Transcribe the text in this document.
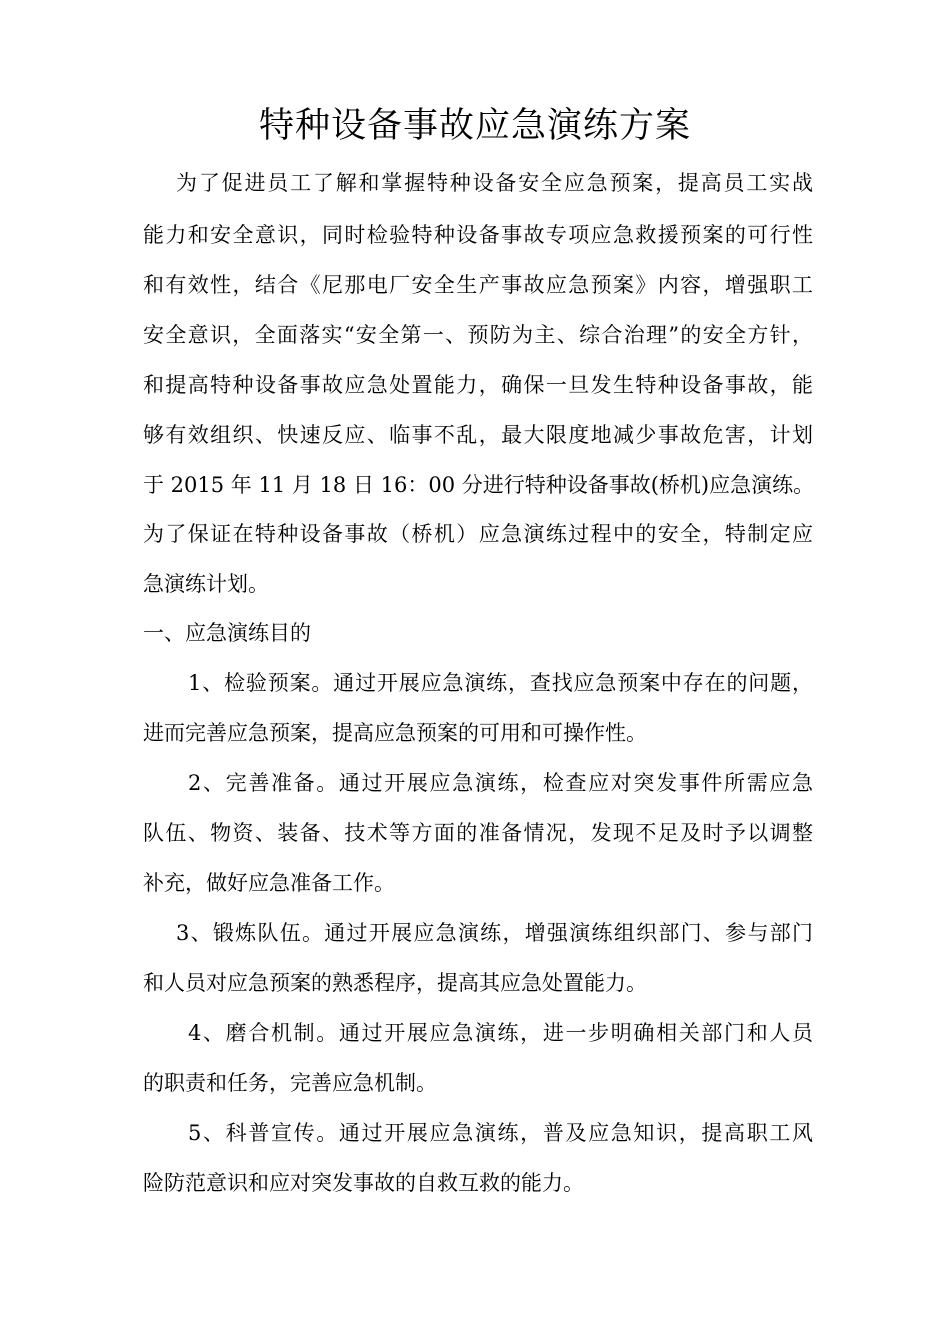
特种设备事故应急演练方案
为了促进员工了解和掌握特种设备安全应急预案，提高员工实战
能力和安全意识，同时检验特种设备事故专项应急救援预案的可行性
和有效性，结合《尼那电厂安全生产事故应急预案》内容，增强职工
安全意识，全面落实“安全第一、预防为主、综合治理”的安全方针，
和提高特种设备事故应急处置能力，确保一旦发生特种设备事故，能
够有效组织、快速反应、临事不乱，最大限度地减少事故危害，计划
于 2015 年 11 月 18 日 16：00 分进行特种设备事故(桥机)应急演练。
为了保证在特种设备事故（桥机）应急演练过程中的安全，特制定应
急演练计划。
一、应急演练目的
1、检验预案。通过开展应急演练，查找应急预案中存在的问题，
进而完善应急预案，提高应急预案的可用和可操作性。
2、完善准备。通过开展应急演练，检查应对突发事件所需应急
队伍、物资、装备、技术等方面的准备情况，发现不足及时予以调整
补充，做好应急准备工作。
3、锻炼队伍。通过开展应急演练，增强演练组织部门、参与部门
和人员对应急预案的熟悉程序，提高其应急处置能力。
4、磨合机制。通过开展应急演练，进一步明确相关部门和人员
的职责和任务，完善应急机制。
5、科普宣传。通过开展应急演练，普及应急知识，提高职工风
险防范意识和应对突发事故的自救互救的能力。
